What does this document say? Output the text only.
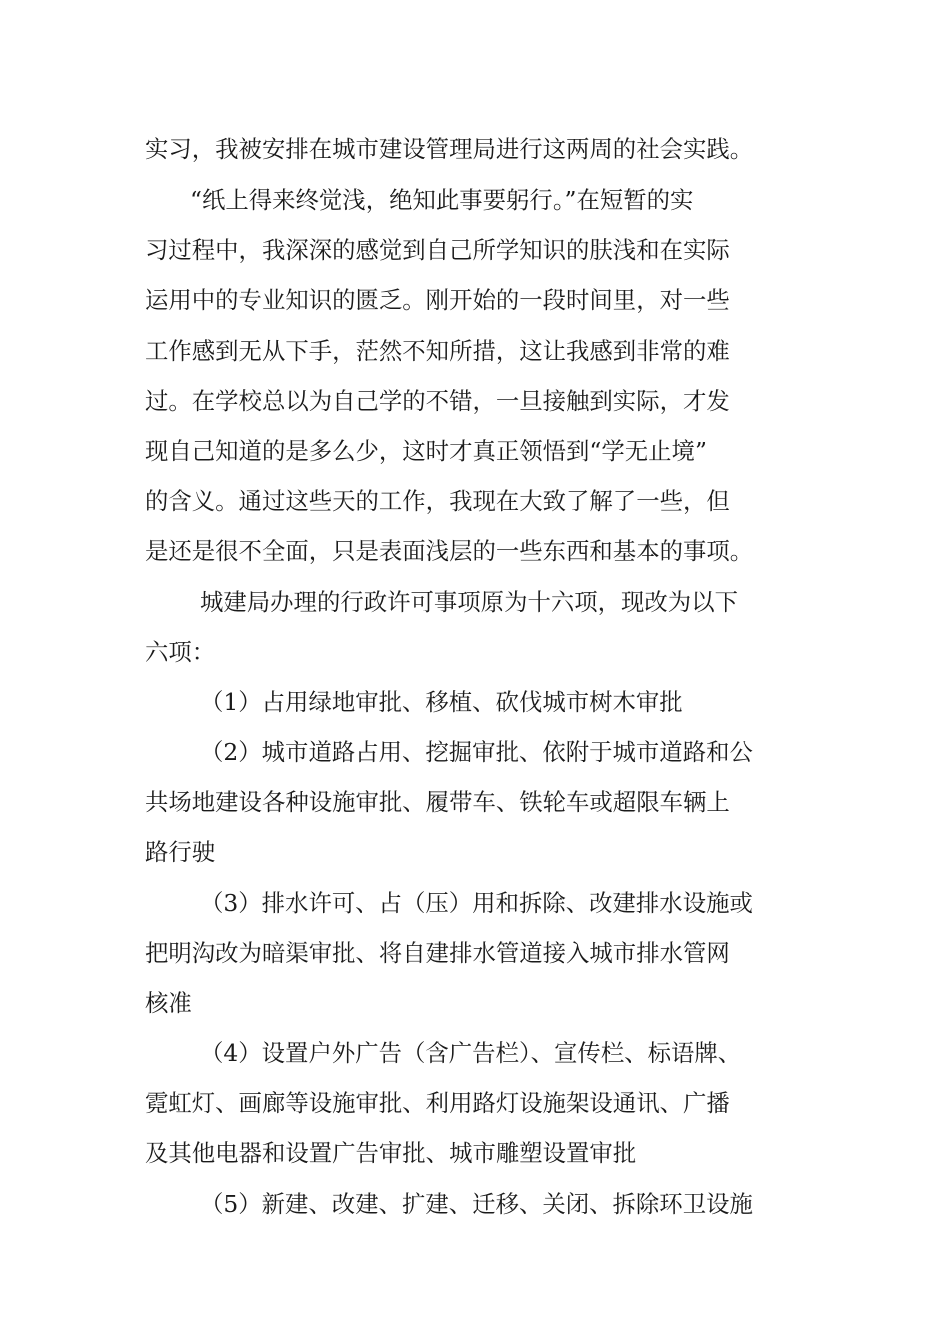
实习，我被安排在城市建设管理局进行这两周的社会实践。

“纸上得来终觉浅，绝知此事要躬行。”在短暂的实

习过程中，我深深的感觉到自己所学知识的肤浅和在实际

运用中的专业知识的匮乏。刚开始的一段时间里，对一些

工作感到无从下手，茫然不知所措，这让我感到非常的难

过。在学校总以为自己学的不错，一旦接触到实际，才发

现自己知道的是多么少，这时才真正领悟到“学无止境”

的含义。通过这些天的工作，我现在大致了解了一些，但

是还是很不全面，只是表面浅层的一些东西和基本的事项。

城建局办理的行政许可事项原为十六项，现改为以下

六项：

（1）占用绿地审批、移植、砍伐城市树木审批

（2）城市道路占用、挖掘审批、依附于城市道路和公

共场地建设各种设施审批、履带车、铁轮车或超限车辆上

路行驶

（3）排水许可、占（压）用和拆除、改建排水设施或

把明沟改为暗渠审批、将自建排水管道接入城市排水管网

核准

（4）设置户外广告（含广告栏）、宣传栏、标语牌、

霓虹灯、画廊等设施审批、利用路灯设施架设通讯、广播

及其他电器和设置广告审批、城市雕塑设置审批

（5）新建、改建、扩建、迁移、关闭、拆除环卫设施
